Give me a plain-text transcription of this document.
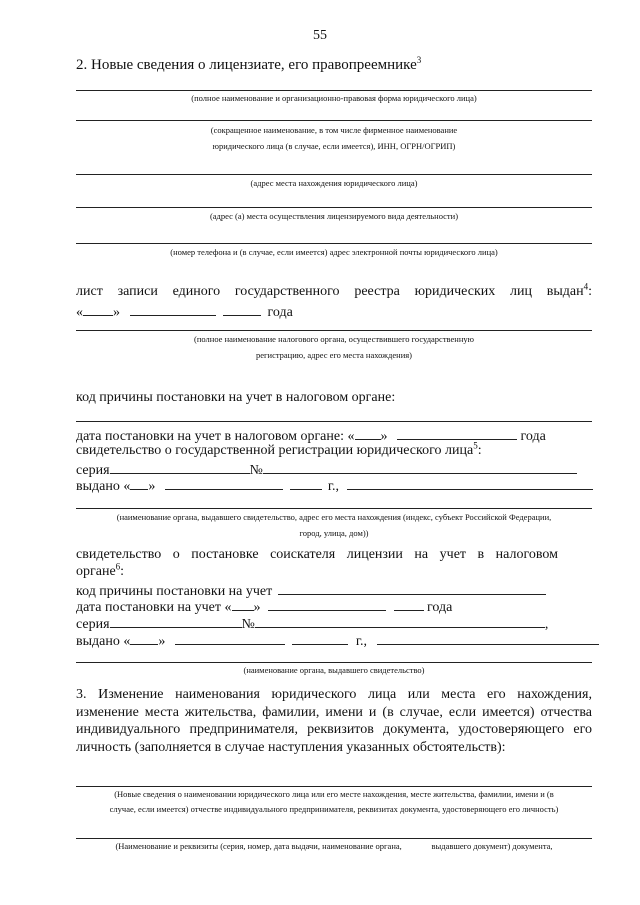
55
2. Новые сведения о лицензиате, его правопреемнике$^3$
(полное наименование и организационно-правовая форма юридического лица)
(сокращенное наименование, в том числе фирменное наименование
юридического лица (в случае, если имеется), ИНН, ОГРН/ОГРИП)
(адрес места нахождения юридического лица)
(адрес (а) места осуществления лицензируемого вида деятельности)
(номер телефона и (в случае, если имеется) адрес электронной почты юридического лица)
лист записи единого государственного реестра юридических лиц выдан$^4$:
« »	года
(полное наименование налогового органа, осуществившего государственную
регистрацию, адрес его места нахождения)
код причины постановки на учет в налоговом органе:
дата постановки на учет в налоговом органе: « »	года
свидетельство о государственной регистрации юридического лица$^5$:
серия	№
выдано « »	г.,
(наименование органа, выдавшего свидетельство, адрес его места нахождения (индекс, субъект Российской Федерации,
город, улица, дом))
свидетельство о постановке соискателя лицензии на учет в налоговом
органе$^6$:
код причины постановки на учет
дата постановки на учет « »	года
серия	№	,
выдано « »	г.,
(наименование органа, выдавшего свидетельство)
3. Изменение наименования юридического лица или места его нахождения, изменение места жительства, фамилии, имени и (в случае, если имеется) отчества индивидуального предпринимателя, реквизитов документа, удостоверяющего его личность (заполняется в случае наступления указанных обстоятельств):
(Новые сведения о наименовании юридического лица или его месте нахождения, месте жительства, фамилии, имени и (в
случае, если имеется) отчестве индивидуального предпринимателя, реквизитах документа, удостоверяющего его личность)
(Наименование и реквизиты (серия, номер, дата выдачи, наименование органа,              выдавшего документ) документа,
